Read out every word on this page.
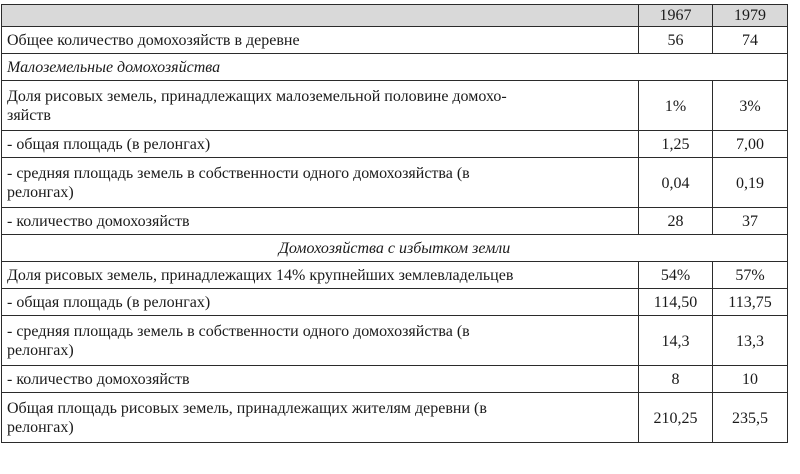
	1967	1979
Общее количество домохозяйств в деревне	56	74
Малоземельные домохозяйства		
Доля рисовых земель, принадлежащих малоземельной половине домохо-
зяйств	1%	3%
- общая площадь (в релонгах)	1,25	7,00
- средняя площадь земель в собственности одного домохозяйства (в
релонгах)	0,04	0,19
- количество домохозяйств	28	37
Домохозяйства с избытком земли		
Доля рисовых земель, принадлежащих 14% крупнейших землевладельцев	54%	57%
- общая площадь (в релонгах)	114,50	113,75
- средняя площадь земель в собственности одного домохозяйства (в
релонгах)	14,3	13,3
- количество домохозяйств	8	10
Общая площадь рисовых земель, принадлежащих жителям деревни (в
релонгах)	210,25	235,5
